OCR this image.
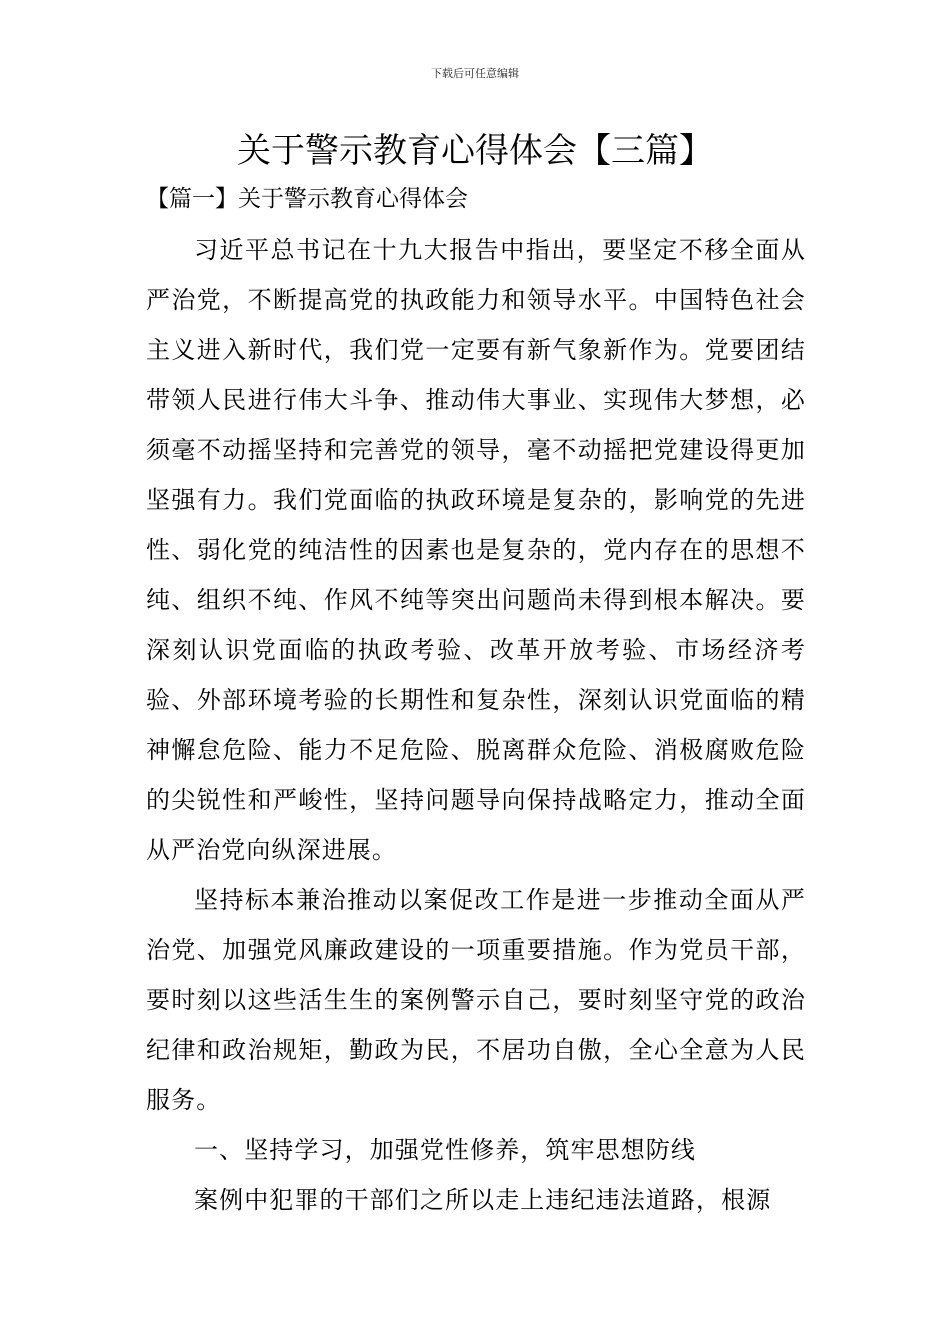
下载后可任意编辑
关于警示教育心得体会【三篇】
【篇一】关于警示教育心得体会

习近平总书记在十九大报告中指出，要坚定不移全面从严治党，不断提高党的执政能力和领导水平。中国特色社会主义进入新时代，我们党一定要有新气象新作为。党要团结带领人民进行伟大斗争、推动伟大事业、实现伟大梦想，必须毫不动摇坚持和完善党的领导，毫不动摇把党建设得更加坚强有力。我们党面临的执政环境是复杂的，影响党的先进性、弱化党的纯洁性的因素也是复杂的，党内存在的思想不纯、组织不纯、作风不纯等突出问题尚未得到根本解决。要深刻认识党面临的执政考验、改革开放考验、市场经济考验、外部环境考验的长期性和复杂性，深刻认识党面临的精神懈怠危险、能力不足危险、脱离群众危险、消极腐败危险的尖锐性和严峻性，坚持问题导向保持战略定力，推动全面从严治党向纵深进展。

坚持标本兼治推动以案促改工作是进一步推动全面从严治党、加强党风廉政建设的一项重要措施。作为党员干部，要时刻以这些活生生的案例警示自己，要时刻坚守党的政治纪律和政治规矩，勤政为民，不居功自傲，全心全意为人民服务。

一、坚持学习，加强党性修养，筑牢思想防线

案例中犯罪的干部们之所以走上违纪违法道路，根源
